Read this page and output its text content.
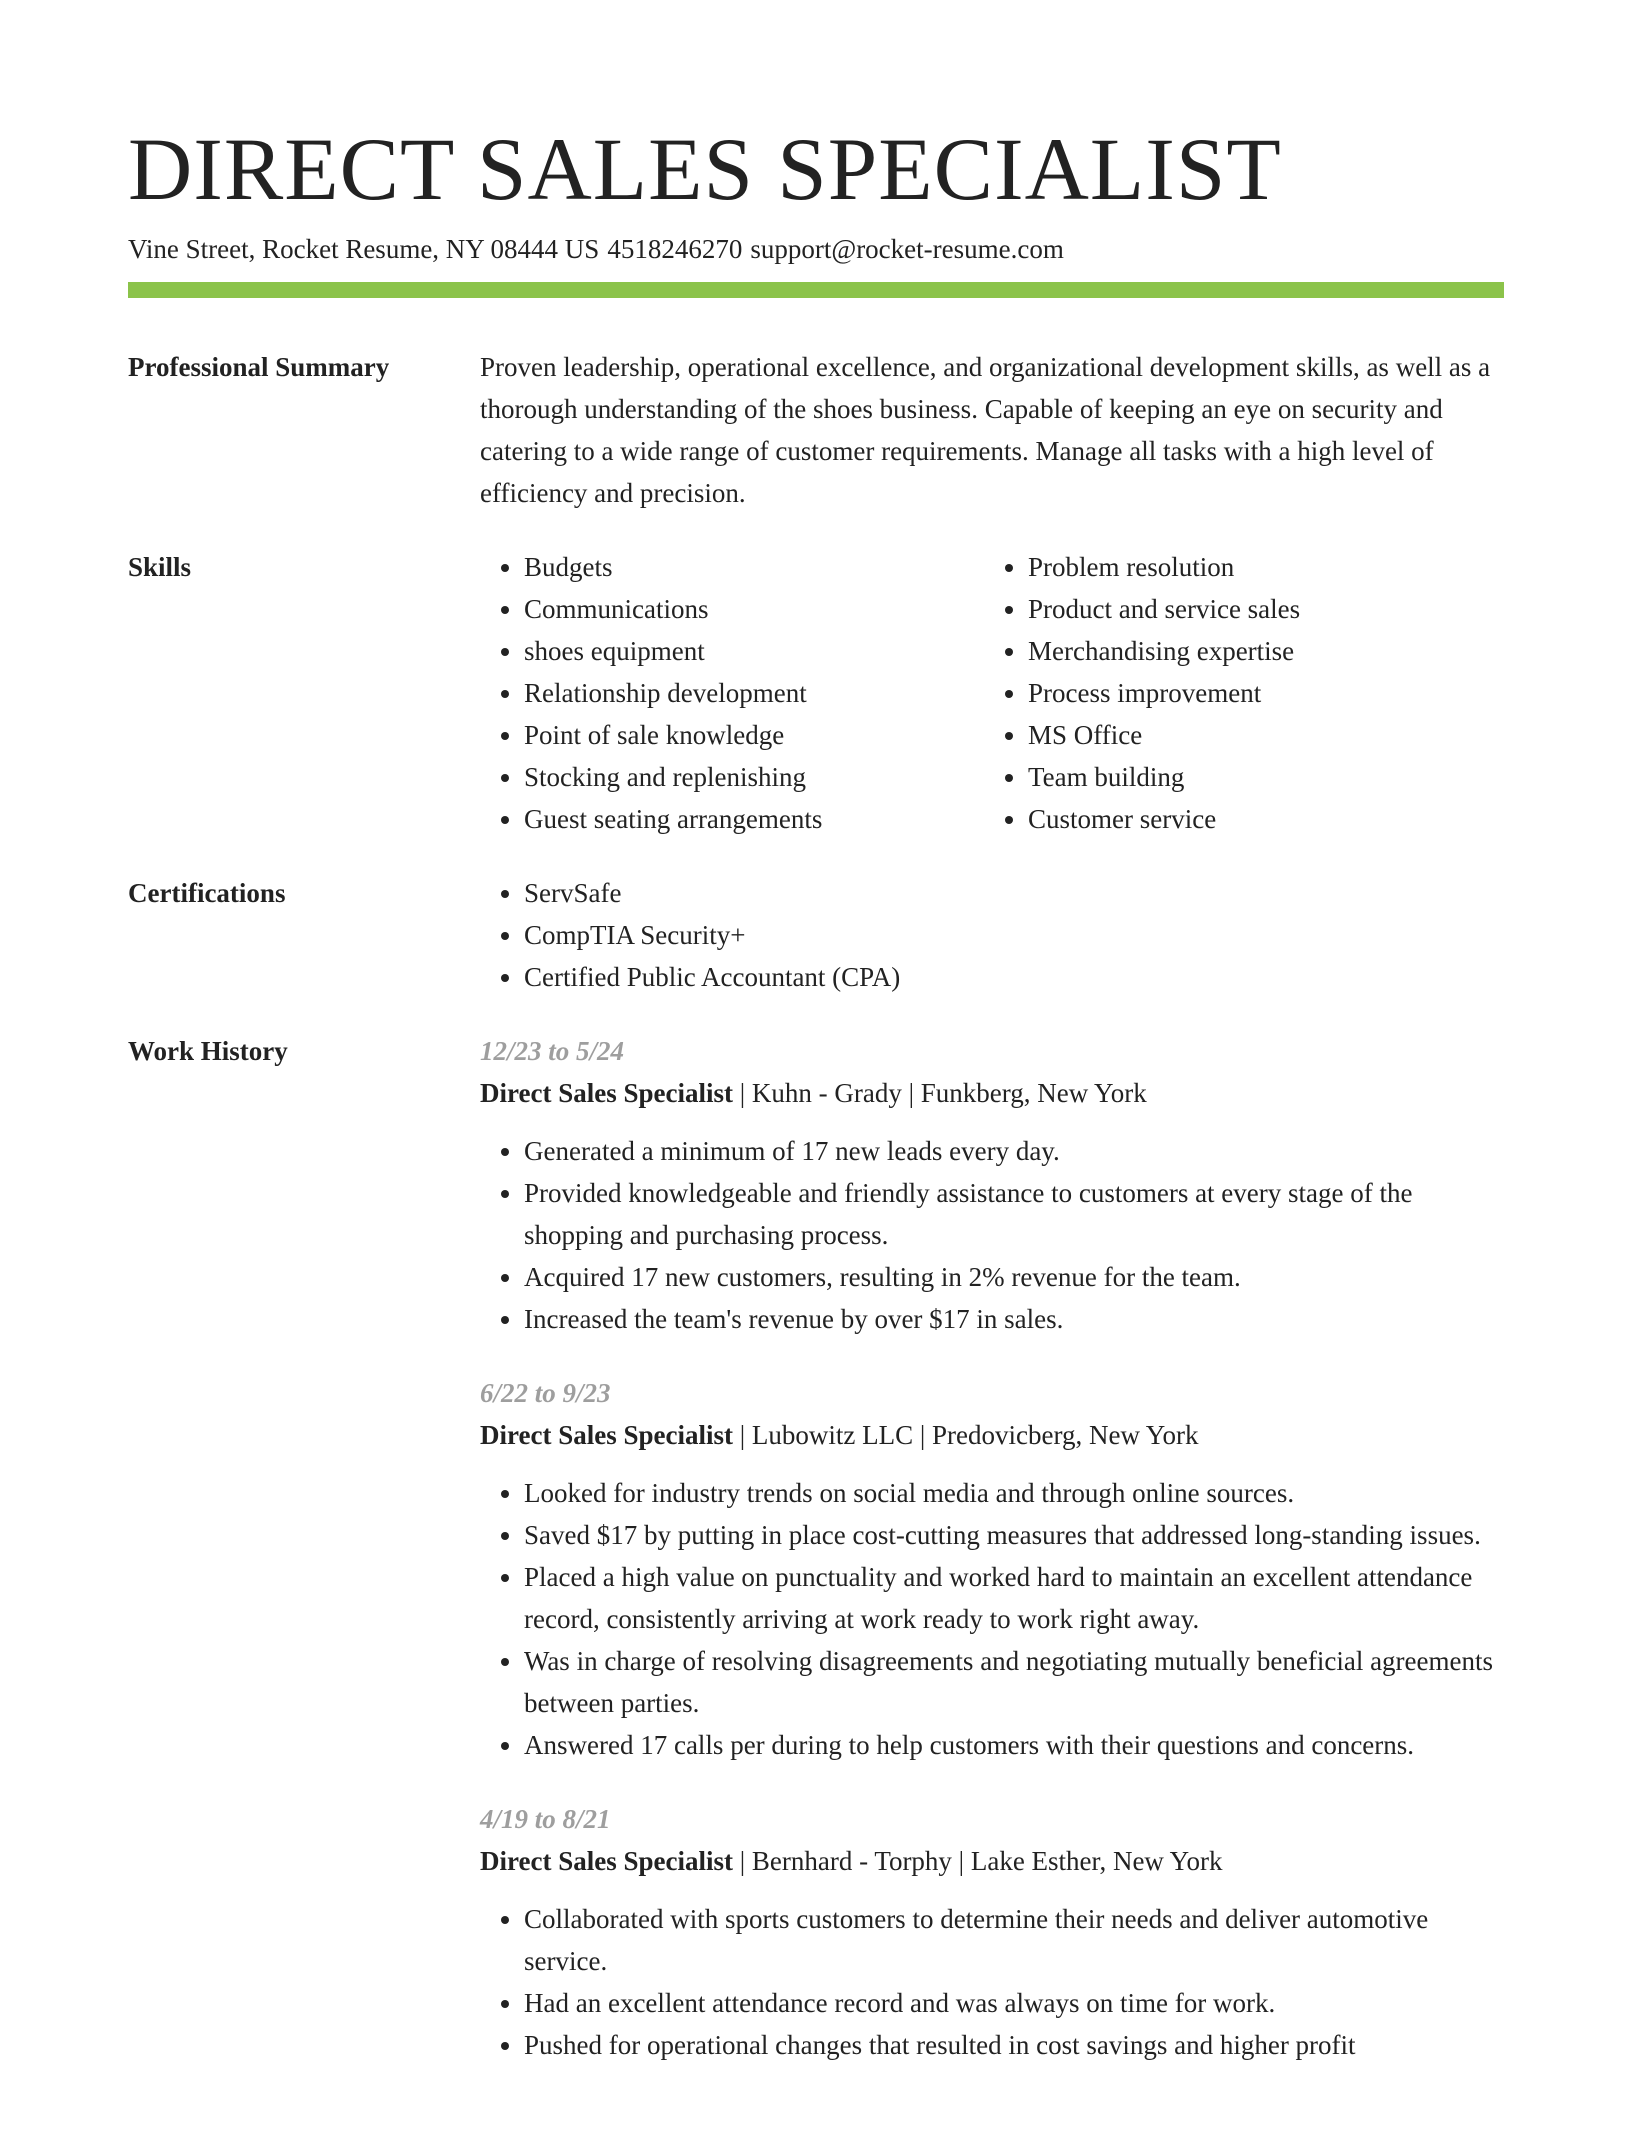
DIRECT SALES SPECIALIST
Vine Street, Rocket Resume, NY 08444 US 4518246270 support@rocket-resume.com
Professional Summary	Proven leadership, operational excellence, and organizational development skills, as well as a thorough understanding of the shoes business. Capable of keeping an eye on security and catering to a wide range of customer requirements. Manage all tasks with a high level of efficiency and precision.

Skills	• Budgets
• Communications
• shoes equipment
• Relationship development
• Point of sale knowledge
• Stocking and replenishing
• Guest seating arrangements
• Problem resolution
• Product and service sales
• Merchandising expertise
• Process improvement
• MS Office
• Team building
• Customer service
Certifications	• ServSafe
• CompTIA Security+
• Certified Public Accountant (CPA)
Work History	12/23 to 5/24
Direct Sales Specialist | Kuhn - Grady | Funkberg, New York
• Generated a minimum of 17 new leads every day.
• Provided knowledgeable and friendly assistance to customers at every stage of the shopping and purchasing process.
• Acquired 17 new customers, resulting in 2% revenue for the team.
• Increased the team's revenue by over $17 in sales.
6/22 to 9/23
Direct Sales Specialist | Lubowitz LLC | Predovicberg, New York
• Looked for industry trends on social media and through online sources.
• Saved $17 by putting in place cost-cutting measures that addressed long-standing issues.
• Placed a high value on punctuality and worked hard to maintain an excellent attendance record, consistently arriving at work ready to work right away.
• Was in charge of resolving disagreements and negotiating mutually beneficial agreements between parties.
• Answered 17 calls per during to help customers with their questions and concerns.
4/19 to 8/21
Direct Sales Specialist | Bernhard - Torphy | Lake Esther, New York
• Collaborated with sports customers to determine their needs and deliver automotive service.
• Had an excellent attendance record and was always on time for work.
• Pushed for operational changes that resulted in cost savings and higher profit
